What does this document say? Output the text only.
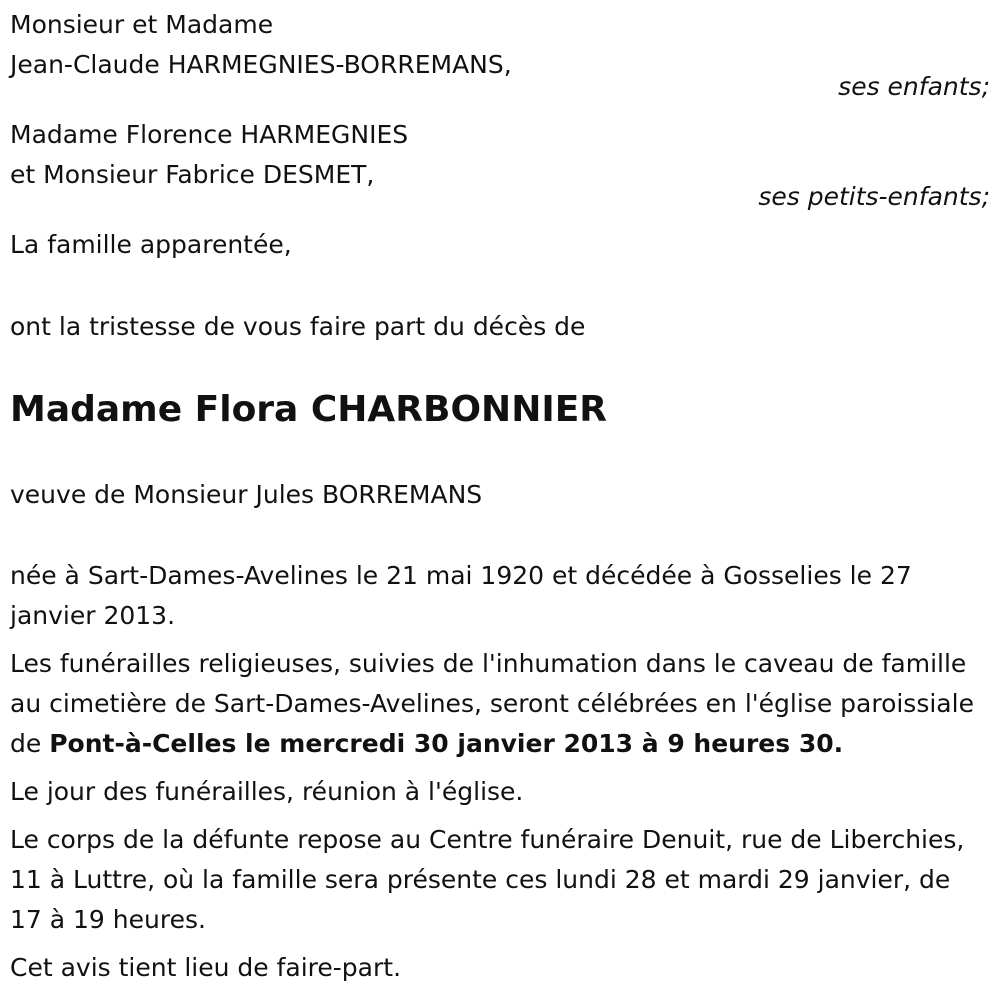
Monsieur et Madame

Jean-Claude HARMEGNIES-BORREMANS,

ses enfants;

Madame Florence HARMEGNIES

et Monsieur Fabrice DESMET,

ses petits-enfants;

La famille apparentée,

ont la tristesse de vous faire part du décès de

Madame Flora CHARBONNIER

veuve de Monsieur Jules BORREMANS

née à Sart-Dames-Avelines le 21 mai 1920 et décédée à Gosselies le 27 janvier 2013.

Les funérailles religieuses, suivies de l'inhumation dans le caveau de famille au cimetière de Sart-Dames-Avelines, seront célébrées en l'église paroissiale de Pont-à-Celles le mercredi 30 janvier 2013 à 9 heures 30.

Le jour des funérailles, réunion à l'église.

Le corps de la défunte repose au Centre funéraire Denuit, rue de Liberchies, 11 à Luttre, où la famille sera présente ces lundi 28 et mardi 29 janvier, de 17 à 19 heures.

Cet avis tient lieu de faire-part.
